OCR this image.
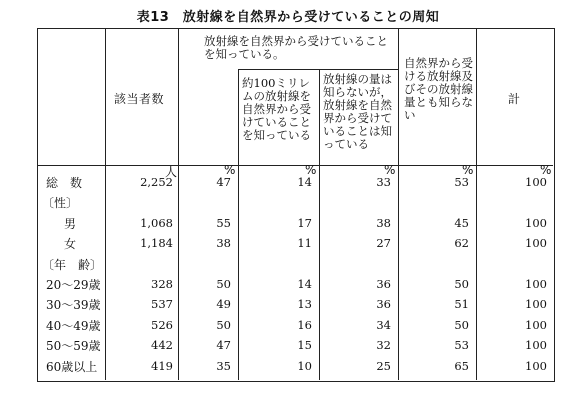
表13　放射線を自然界から受けていることの周知
該当者数
放射線を自然界から受けていることを知っている。
約100ミリレムの放射線を自然界から受けていることを知っている
放射線の量は知らないが，放射線を自然界から受けていることは知っている
自然界から受ける放射線及びその放射線量とも知らない
計
人	%	%	%	%	%
総　数	2,252	47	14	33	53	100
〔性〕
男	1,068	55	17	38	45	100
女	1,184	38	11	27	62	100
〔年　齢〕
20～29歳	328	50	14	36	50	100
30～39歳	537	49	13	36	51	100
40～49歳	526	50	16	34	50	100
50～59歳	442	47	15	32	53	100
60歳以上	419	35	10	25	65	100
